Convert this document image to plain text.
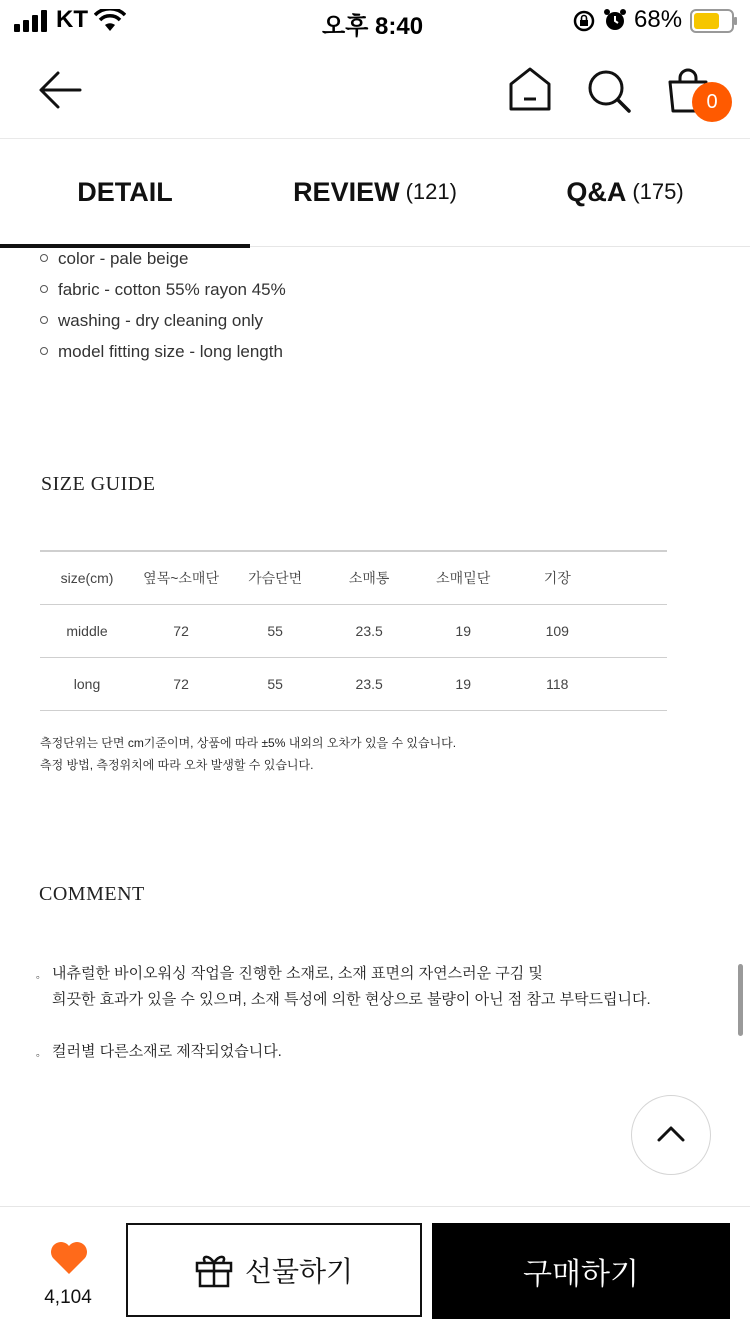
KT	오후 8:40	68%
0
DETAIL	REVIEW (121)	Q&A (175)
color - pale beige
fabric - cotton 55% rayon 45%
washing - dry cleaning only
model fitting size - long length
SIZE GUIDE
size(cm)	옆목~소매단	가슴단면	소매통	소매밑단	기장	
middle	72	55	23.5	19	109	
long	72	55	23.5	19	118	
측정단위는 단면 cm기준이며, 상품에 따라 ±5% 내외의 오차가 있을 수 있습니다.
측정 방법, 측정위치에 따라 오차 발생할 수 있습니다.
COMMENT
。 내츄럴한 바이오워싱 작업을 진행한 소재로, 소재 표면의 자연스러운 구김 및
희끗한 효과가 있을 수 있으며, 소재 특성에 의한 현상으로 불량이 아닌 점 참고 부탁드립니다.
。 컬러별 다른소재로 제작되었습니다.
4,104
선물하기	구매하기
